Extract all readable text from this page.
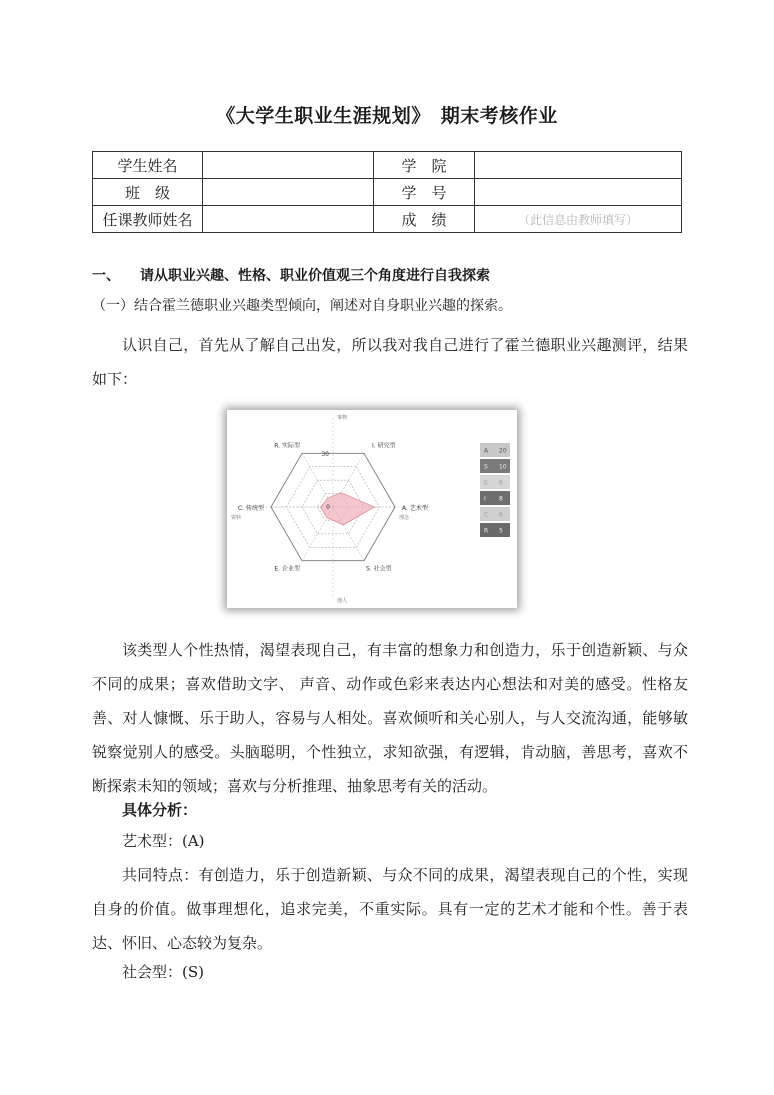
《大学生职业生涯规划》　期末考核作业
学生姓名		学　院	
班　级		学　号	
任课教师姓名		成　绩	（此信息由教师填写）
一、 请从职业兴趣、性格、职业价值观三个角度进行自我探索
（一）结合霍兰德职业兴趣类型倾向，阐述对自身职业兴趣的探索。
认识自己，首先从了解自己出发，所以我对我自己进行了霍兰德职业兴趣测评，结果如下：
30
0
I. 研究型
A. 艺术型
S. 社会型
E. 企业型
C. 传统型
R. 实际型
事物
他人
资料	理念
A 20
S 10
E 6
I 8
C 6
R 5
该类型人个性热情，渴望表现自己，有丰富的想象力和创造力，乐于创造新颖、与众不同的成果；喜欢借助文字、 声音、动作或色彩来表达内心想法和对美的感受。性格友善、对人慷慨、乐于助人，容易与人相处。喜欢倾听和关心别人，与人交流沟通，能够敏锐察觉别人的感受。头脑聪明，个性独立，求知欲强，有逻辑，肯动脑，善思考，喜欢不断探索未知的领域；喜欢与分析推理、抽象思考有关的活动。
具体分析：
艺术型：(A)
共同特点：有创造力，乐于创造新颖、与众不同的成果，渴望表现自己的个性，实现自身的价值。做事理想化，追求完美，不重实际。具有一定的艺术才能和个性。善于表达、怀旧、心态较为复杂。
社会型：(S)
